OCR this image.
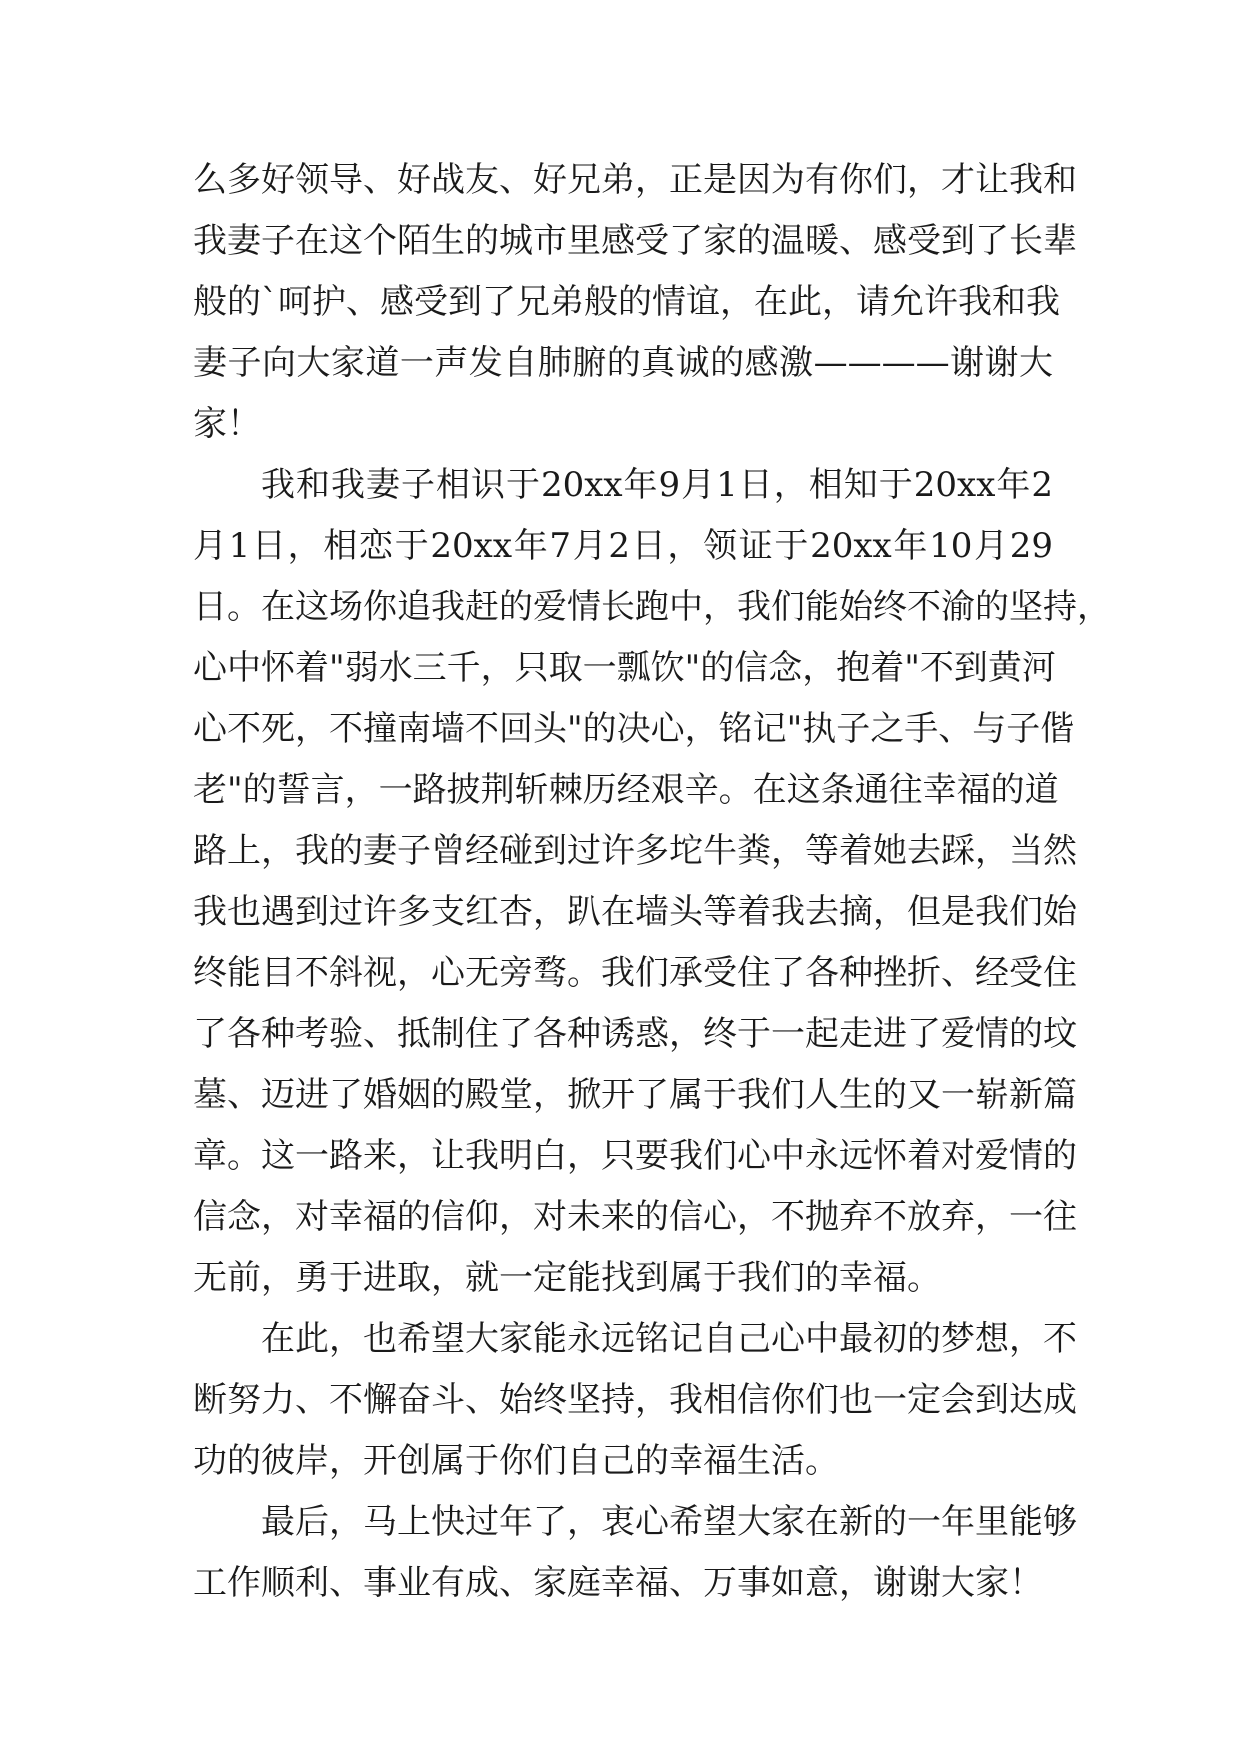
么多好领导、好战友、好兄弟，正是因为有你们，才让我和
我妻子在这个陌生的城市里感受了家的温暖、感受到了长辈
般的`呵护、感受到了兄弟般的情谊，在此，请允许我和我
妻子向大家道一声发自肺腑的真诚的感激————谢谢大
家！
我和我妻子相识于20xx年9月1日，相知于20xx年2
月1日，相恋于20xx年7月2日，领证于20xx年10月29
日。在这场你追我赶的爱情长跑中，我们能始终不渝的坚持，
心中怀着"弱水三千，只取一瓢饮"的信念，抱着"不到黄河
心不死，不撞南墙不回头"的决心，铭记"执子之手、与子偕
老"的誓言，一路披荆斩棘历经艰辛。在这条通往幸福的道
路上，我的妻子曾经碰到过许多坨牛粪，等着她去踩，当然
我也遇到过许多支红杏，趴在墙头等着我去摘，但是我们始
终能目不斜视，心无旁骛。我们承受住了各种挫折、经受住
了各种考验、抵制住了各种诱惑，终于一起走进了爱情的坟
墓、迈进了婚姻的殿堂，掀开了属于我们人生的又一崭新篇
章。这一路来，让我明白，只要我们心中永远怀着对爱情的
信念，对幸福的信仰，对未来的信心，不抛弃不放弃，一往
无前，勇于进取，就一定能找到属于我们的幸福。
在此，也希望大家能永远铭记自己心中最初的梦想，不
断努力、不懈奋斗、始终坚持，我相信你们也一定会到达成
功的彼岸，开创属于你们自己的幸福生活。
最后，马上快过年了，衷心希望大家在新的一年里能够
工作顺利、事业有成、家庭幸福、万事如意，谢谢大家！
